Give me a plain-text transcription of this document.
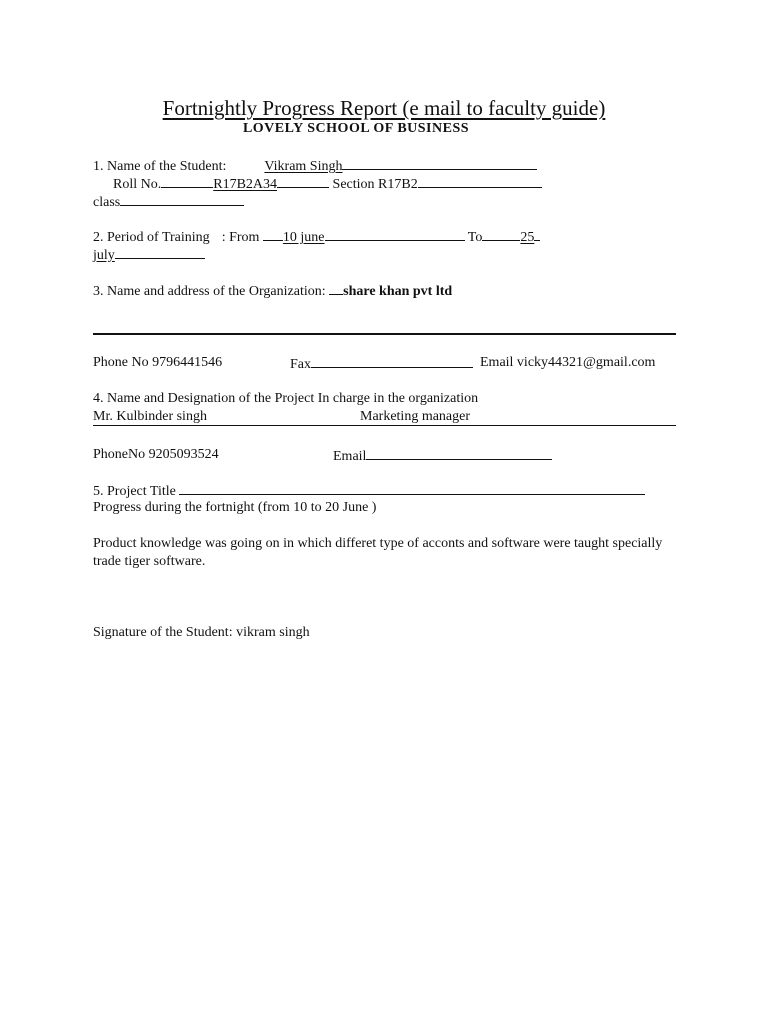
Fortnightly Progress Report (e mail to faculty guide)
LOVELY SCHOOL OF BUSINESS
1. Name of the Student:	Vikram Singh
Roll No.	R17B2A34	Section R17B2
class
2. Period of Training : From 10 june	To	25
july
3. Name and address of the Organization: share khan pvt ltd
Phone No 9796441546	Fax	Email vicky44321@gmail.com
4. Name and Designation of the Project In charge in the organization
Mr. Kulbinder singh	Marketing manager
PhoneNo 9205093524	Email
5. Project Title
Progress during the fortnight (from 10 to 20 June )
Product knowledge was going on in which differet type of acconts and software were taught specially trade tiger software.
Signature of the Student: vikram singh
